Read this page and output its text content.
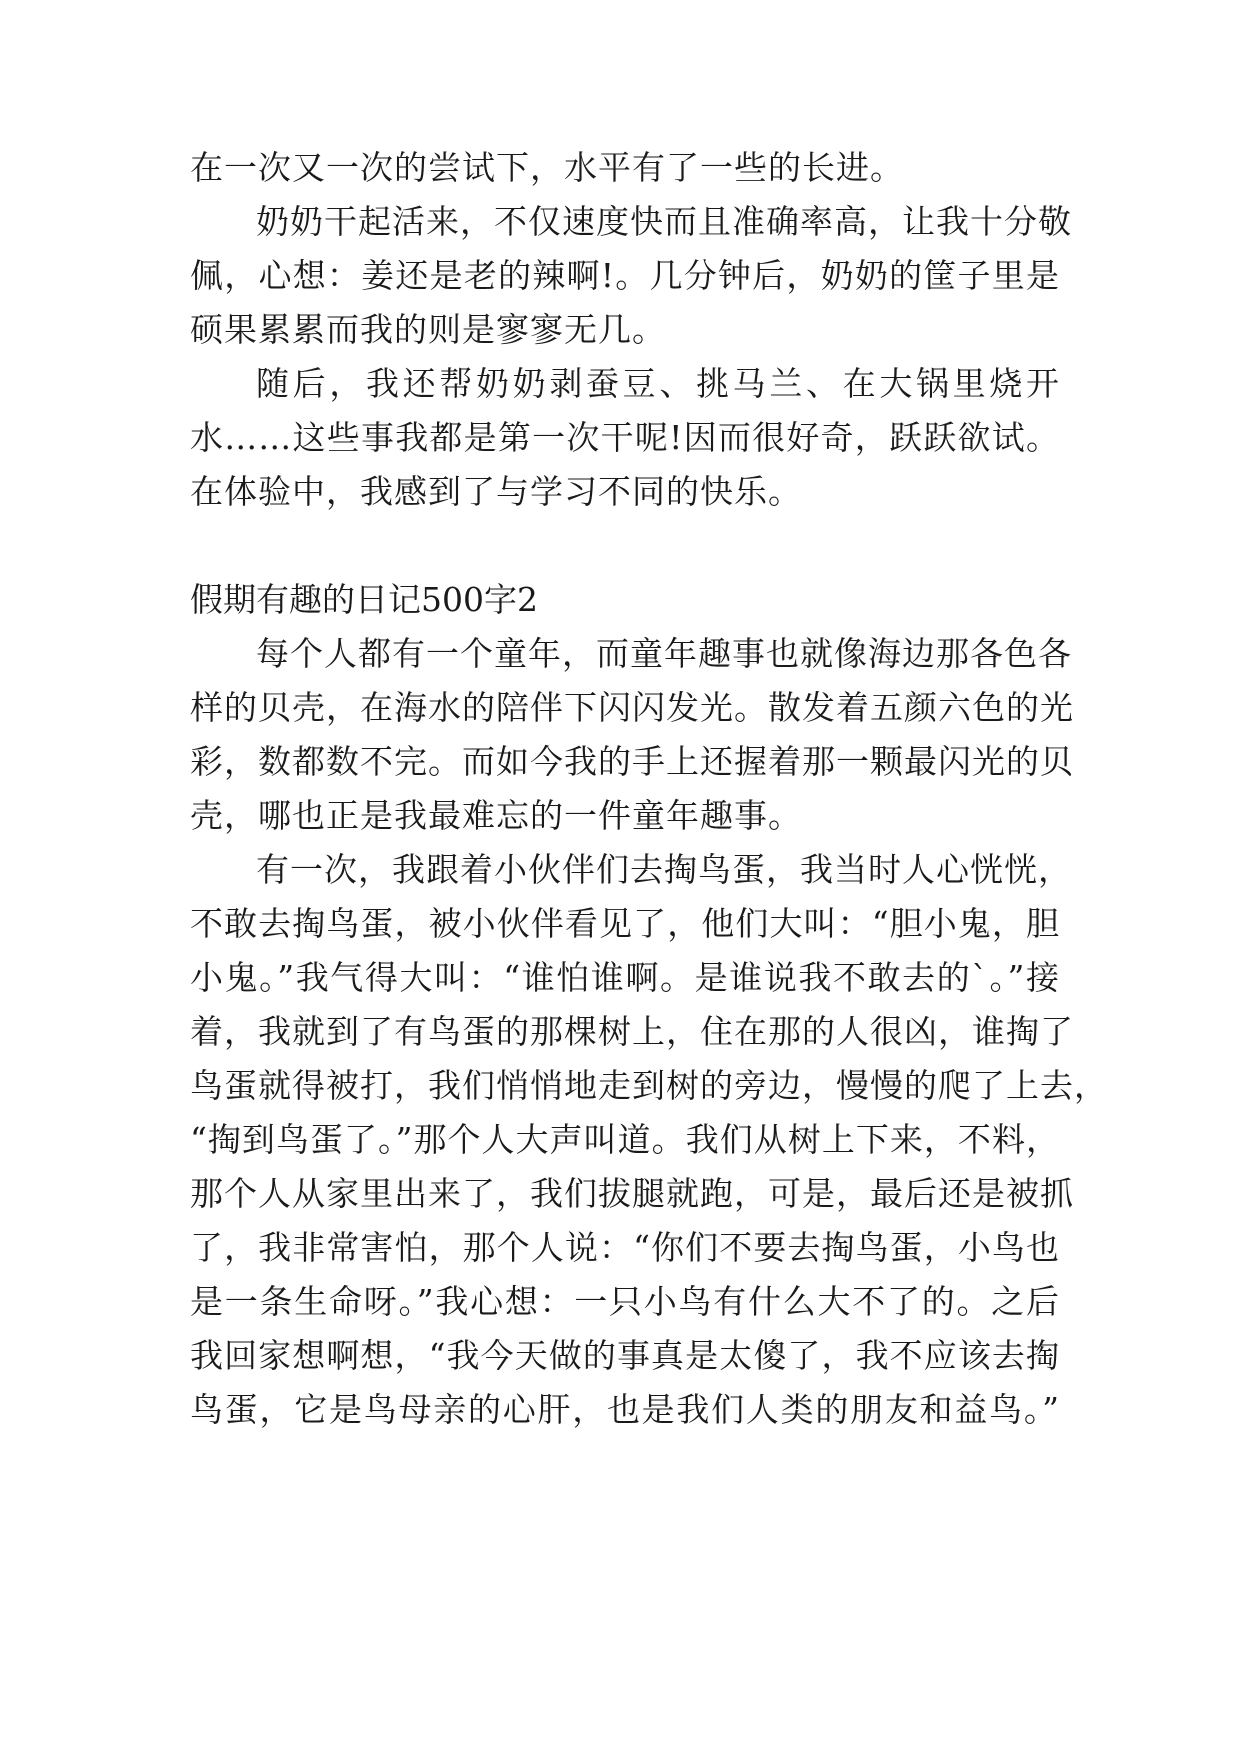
在一次又一次的尝试下，水平有了一些的长进。
奶奶干起活来，不仅速度快而且准确率高，让我十分敬
佩，心想：姜还是老的辣啊!。几分钟后，奶奶的筐子里是
硕果累累而我的则是寥寥无几。
随后，我还帮奶奶剥蚕豆、挑马兰、在大锅里烧开
水……这些事我都是第一次干呢!因而很好奇，跃跃欲试。
在体验中，我感到了与学习不同的快乐。
假期有趣的日记500字2
每个人都有一个童年，而童年趣事也就像海边那各色各
样的贝壳，在海水的陪伴下闪闪发光。散发着五颜六色的光
彩，数都数不完。而如今我的手上还握着那一颗最闪光的贝
壳，哪也正是我最难忘的一件童年趣事。
有一次，我跟着小伙伴们去掏鸟蛋，我当时人心恍恍，
不敢去掏鸟蛋，被小伙伴看见了，他们大叫：“胆小鬼，胆
小鬼。”我气得大叫：“谁怕谁啊。是谁说我不敢去的`。”接
着，我就到了有鸟蛋的那棵树上，住在那的人很凶，谁掏了
鸟蛋就得被打，我们悄悄地走到树的旁边，慢慢的爬了上去，
“掏到鸟蛋了。”那个人大声叫道。我们从树上下来，不料，
那个人从家里出来了，我们拔腿就跑，可是，最后还是被抓
了，我非常害怕，那个人说：“你们不要去掏鸟蛋，小鸟也
是一条生命呀。”我心想：一只小鸟有什么大不了的。之后
我回家想啊想，“我今天做的事真是太傻了，我不应该去掏
鸟蛋，它是鸟母亲的心肝，也是我们人类的朋友和益鸟。”
